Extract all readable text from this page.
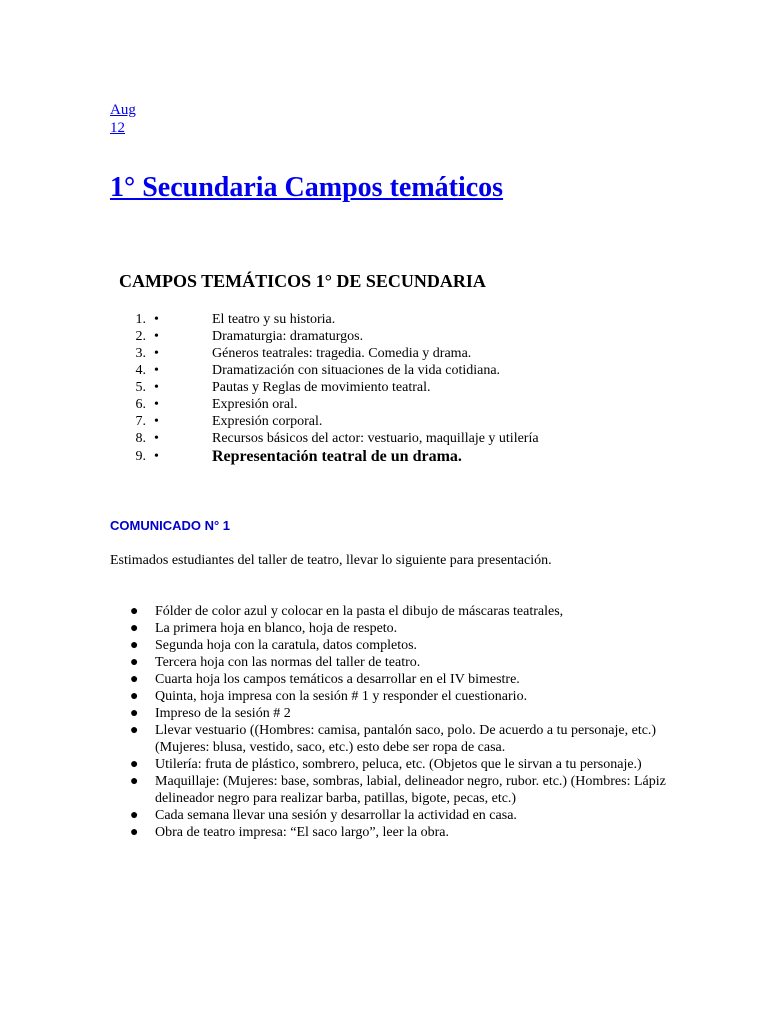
Aug
12
1° Secundaria Campos temáticos
CAMPOS TEMÁTICOS 1° DE SECUNDARIA
1. •	El teatro y su historia.
2. •	Dramaturgia: dramaturgos.
3. •	Géneros teatrales: tragedia. Comedia y drama.
4. •	Dramatización con situaciones de la vida cotidiana.
5. •	Pautas y Reglas de movimiento teatral.
6. •	Expresión oral.
7. •	Expresión corporal.
8. •	Recursos básicos del actor: vestuario, maquillaje y utilería
9. •	Representación teatral de un drama.
COMUNICADO N° 1

Estimados estudiantes del taller de teatro, llevar lo siguiente para presentación.

●	Fólder de color azul y colocar en la pasta el dibujo de máscaras teatrales,
●	La primera hoja en blanco, hoja de respeto.
●	Segunda hoja con la caratula, datos completos.
●	Tercera hoja con las normas del taller de teatro.
●	Cuarta hoja los campos temáticos a desarrollar en el IV bimestre.
●	Quinta, hoja impresa con la sesión # 1 y responder el cuestionario.
●	Impreso de la sesión # 2
●	Llevar vestuario ((Hombres: camisa, pantalón saco, polo. De acuerdo a tu personaje, etc.) (Mujeres: blusa, vestido, saco, etc.) esto debe ser ropa de casa.
●	Utilería: fruta de plástico, sombrero, peluca, etc. (Objetos que le sirvan a tu personaje.)
●	Maquillaje: (Mujeres: base, sombras, labial, delineador negro, rubor. etc.) (Hombres: Lápiz delineador negro para realizar barba, patillas, bigote, pecas, etc.)
●	Cada semana llevar una sesión y desarrollar la actividad en casa.
●	Obra de teatro impresa: “El saco largo”, leer la obra.
